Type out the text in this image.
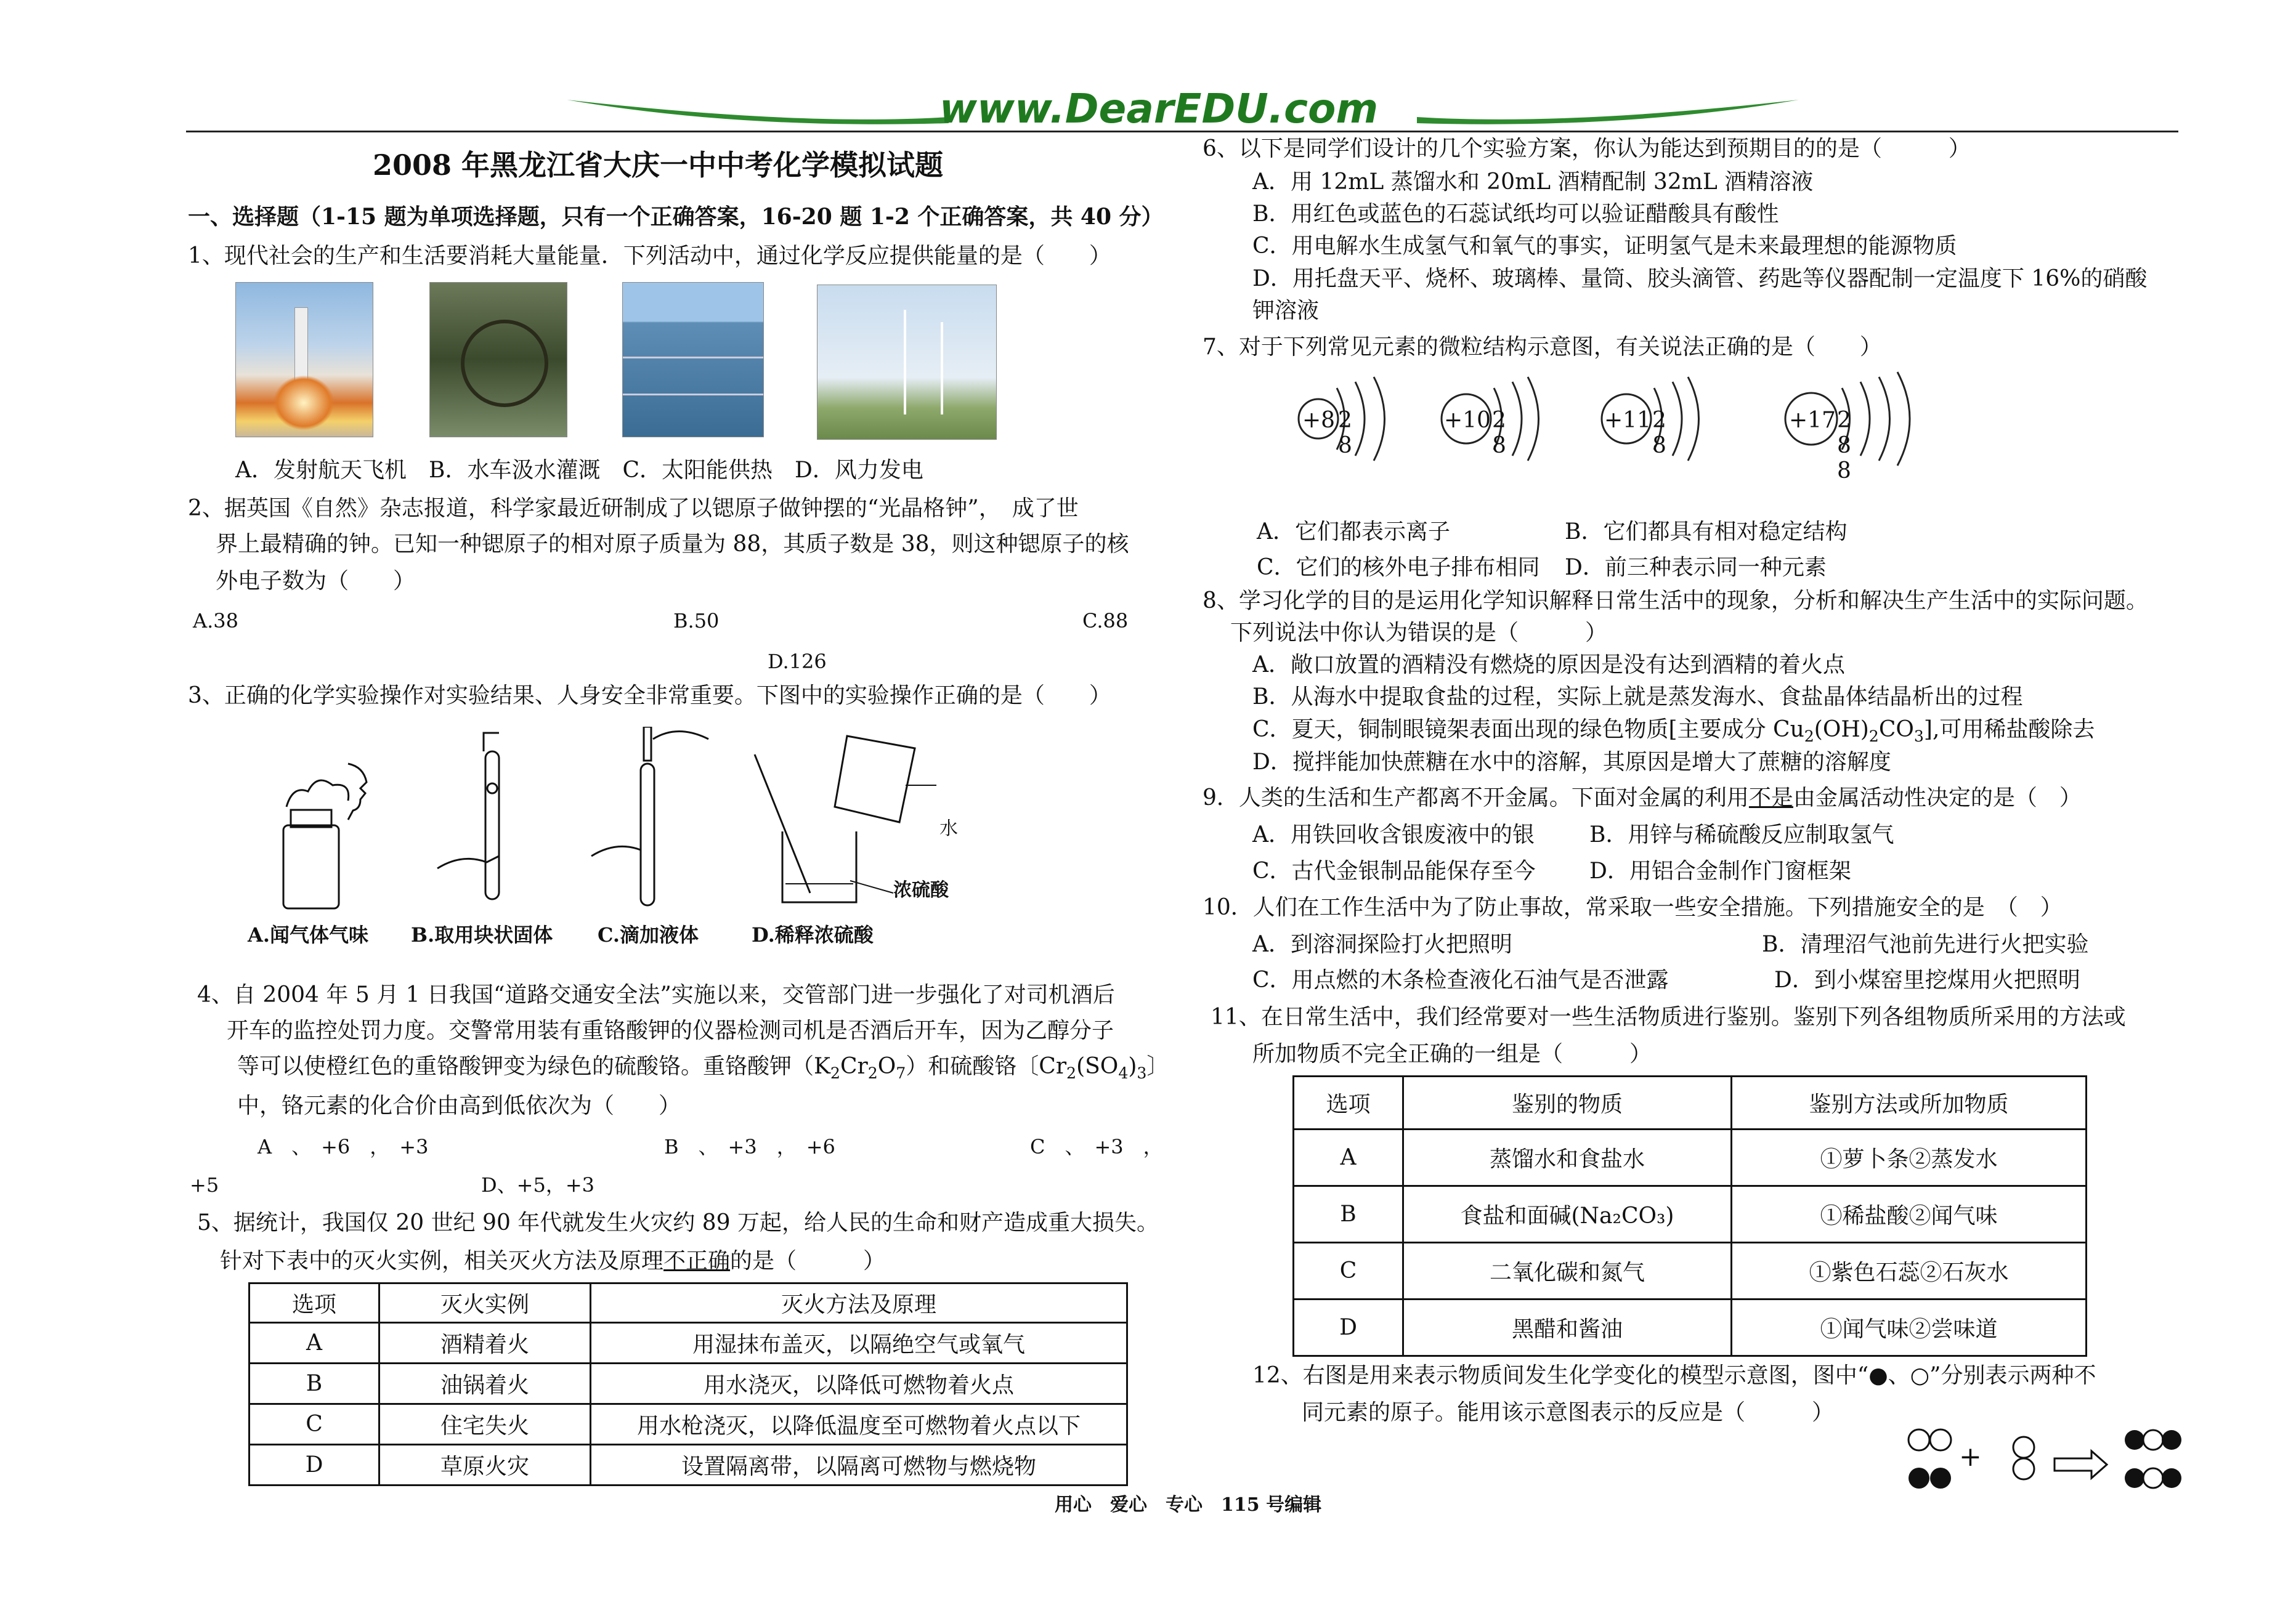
www.DearEDU.com
2008 年黑龙江省大庆一中中考化学模拟试题
一、选择题（1-15 题为单项选择题，只有一个正确答案，16-20 题 1-2 个正确答案，共 40 分）
1、现代社会的生产和生活要消耗大量能量．下列活动中，通过化学反应提供能量的是（　　）
A．发射航天飞机　B．水车汲水灌溉　C．太阳能供热　D．风力发电
2、据英国《自然》杂志报道，科学家最近研制成了以锶原子做钟摆的“光晶格钟”，　成了世
界上最精确的钟。已知一种锶原子的相对原子质量为 88，其质子数是 38，则这种锶原子的核
外电子数为（　　）
A.38	B.50	C.88
D.126
3、正确的化学实验操作对实验结果、人身安全非常重要。下图中的实验操作正确的是（　　）
水
浓硫酸
A.闻气体气味 B.取用块状固体 C.滴加液体	D.稀释浓硫酸
4、自 2004 年 5 月 1 日我国“道路交通安全法”实施以来，交管部门进一步强化了对司机酒后
开车的监控处罚力度。交警常用装有重铬酸钾的仪器检测司机是否酒后开车，因为乙醇分子
等可以使橙红色的重铬酸钾变为绿色的硫酸铬。重铬酸钾$(K_2Cr_2O_7)$和硫酸铬〔$Cr_2(SO_4)_3$〕
中，铬元素的化合价由高到低依次为（　　）
A　、　+6　，　+3	B　、　+3　，　+6	C　、　+3　，
+5	D、+5，+3
5、据统计，我国仅 20 世纪 90 年代就发生火灾约 89 万起，给人民的生命和财产造成重大损失。
针对下表中的灭火实例，相关灭火方法及原理不正确的是（　　　）
选项	灭火实例	灭火方法及原理
A	酒精着火	用湿抹布盖灭，以隔绝空气或氧气
B	油锅着火	用水浇灭，以降低可燃物着火点
C	住宅失火	用水枪浇灭，以降低温度至可燃物着火点以下
D	草原火灾	设置隔离带，以隔离可燃物与燃烧物
用心　爱心　专心　115 号编辑
6、以下是同学们设计的几个实验方案，你认为能达到预期目的的是（　　　）
A．用 12mL 蒸馏水和 20mL 酒精配制 32mL 酒精溶液
B．用红色或蓝色的石蕊试纸均可以验证醋酸具有酸性
C．用电解水生成氢气和氧气的事实，证明氢气是未来最理想的能源物质
D．用托盘天平、烧杯、玻璃棒、量筒、胶头滴管、药匙等仪器配制一定温度下 16%的硝酸
钾溶液
7、对于下列常见元素的微粒结构示意图，有关说法正确的是（　　）
+8 2 8
+10 2 8
+11 2 8
+17 2 8 8
A．它们都表示离子	B．它们都具有相对稳定结构
C．它们的核外电子排布相同 D．前三种表示同一种元素
8、学习化学的目的是运用化学知识解释日常生活中的现象，分析和解决生产生活中的实际问题。
下列说法中你认为错误的是（　　　）
A．敞口放置的酒精没有燃烧的原因是没有达到酒精的着火点
B．从海水中提取食盐的过程，实际上就是蒸发海水、食盐晶体结晶析出的过程
C．夏天，铜制眼镜架表面出现的绿色物质[主要成分 $Cu_2(OH)_2CO_3$],可用稀盐酸除去
D．搅拌能加快蔗糖在水中的溶解，其原因是增大了蔗糖的溶解度
9．人类的生活和生产都离不开金属。下面对金属的利用不是由金属活动性决定的是（　）
A．用铁回收含银废液中的银 B．用锌与稀硫酸反应制取氢气
C．古代金银制品能保存至今 D．用铝合金制作门窗框架
10．人们在工作生活中为了防止事故，常采取一些安全措施。下列措施安全的是　（　）
A．到溶洞探险打火把照明	B．清理沼气池前先进行火把实验
C．用点燃的木条检查液化石油气是否泄露	D．到小煤窑里挖煤用火把照明
11、在日常生活中，我们经常要对一些生活物质进行鉴别。鉴别下列各组物质所采用的方法或
所加物质不完全正确的一组是（　　　）
选项	鉴别的物质	鉴别方法或所加物质
A	蒸馏水和食盐水	①萝卜条②蒸发水
B	食盐和面碱(Na₂CO₃)	①稀盐酸②闻气味
C	二氧化碳和氮气	①紫色石蕊②石灰水
D	黑醋和酱油	①闻气味②尝味道
12、右图是用来表示物质间发生化学变化的模型示意图，图中“●、○”分别表示两种不
同元素的原子。能用该示意图表示的反应是（　　　）
+
